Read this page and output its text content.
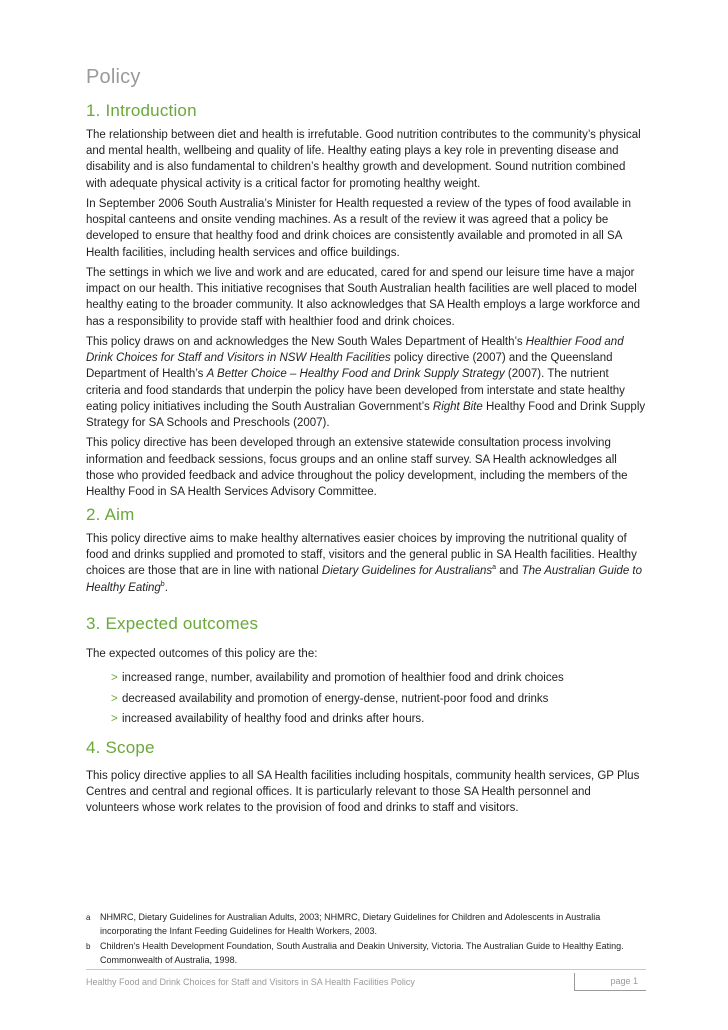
Policy
1. Introduction

The relationship between diet and health is irrefutable. Good nutrition contributes to the community’s physical and mental health, wellbeing and quality of life. Healthy eating plays a key role in preventing disease and disability and is also fundamental to children’s healthy growth and development. Sound nutrition combined with adequate physical activity is a critical factor for promoting healthy weight.

In September 2006 South Australia’s Minister for Health requested a review of the types of food available in hospital canteens and onsite vending machines. As a result of the review it was agreed that a policy be developed to ensure that healthy food and drink choices are consistently available and promoted in all SA Health facilities, including health services and office buildings.

The settings in which we live and work and are educated, cared for and spend our leisure time have a major impact on our health. This initiative recognises that South Australian health facilities are well placed to model healthy eating to the broader community. It also acknowledges that SA Health employs a large workforce and has a responsibility to provide staff with healthier food and drink choices.

This policy draws on and acknowledges the New South Wales Department of Health’s Healthier Food and Drink Choices for Staff and Visitors in NSW Health Facilities policy directive (2007) and the Queensland Department of Health’s A Better Choice – Healthy Food and Drink Supply Strategy (2007). The nutrient criteria and food standards that underpin the policy have been developed from interstate and state healthy eating policy initiatives including the South Australian Government’s Right Bite Healthy Food and Drink Supply Strategy for SA Schools and Preschools (2007).

This policy directive has been developed through an extensive statewide consultation process involving information and feedback sessions, focus groups and an online staff survey. SA Health acknowledges all those who provided feedback and advice throughout the policy development, including the members of the Healthy Food in SA Health Services Advisory Committee.

2. Aim

This policy directive aims to make healthy alternatives easier choices by improving the nutritional quality of food and drinks supplied and promoted to staff, visitors and the general public in SA Health facilities. Healthy choices are those that are in line with national Dietary Guidelines for Australians$^a$ and The Australian Guide to Healthy Eating$^b$.

3. Expected outcomes

The expected outcomes of this policy are the:

> increased range, number, availability and promotion of healthier food and drink choices
> decreased availability and promotion of energy-dense, nutrient-poor food and drinks
> increased availability of healthy food and drinks after hours.
4. Scope

This policy directive applies to all SA Health facilities including hospitals, community health services, GP Plus Centres and central and regional offices. It is particularly relevant to those SA Health personnel and volunteers whose work relates to the provision of food and drinks to staff and visitors.

a	NHMRC, Dietary Guidelines for Australian Adults, 2003; NHMRC, Dietary Guidelines for Children and Adolescents in Australia incorporating the Infant Feeding Guidelines for Health Workers, 2003.
b	Children’s Health Development Foundation, South Australia and Deakin University, Victoria. The Australian Guide to Healthy Eating. Commonwealth of Australia, 1998.
Healthy Food and Drink Choices for Staff and Visitors in SA Health Facilities Policy	page 1
